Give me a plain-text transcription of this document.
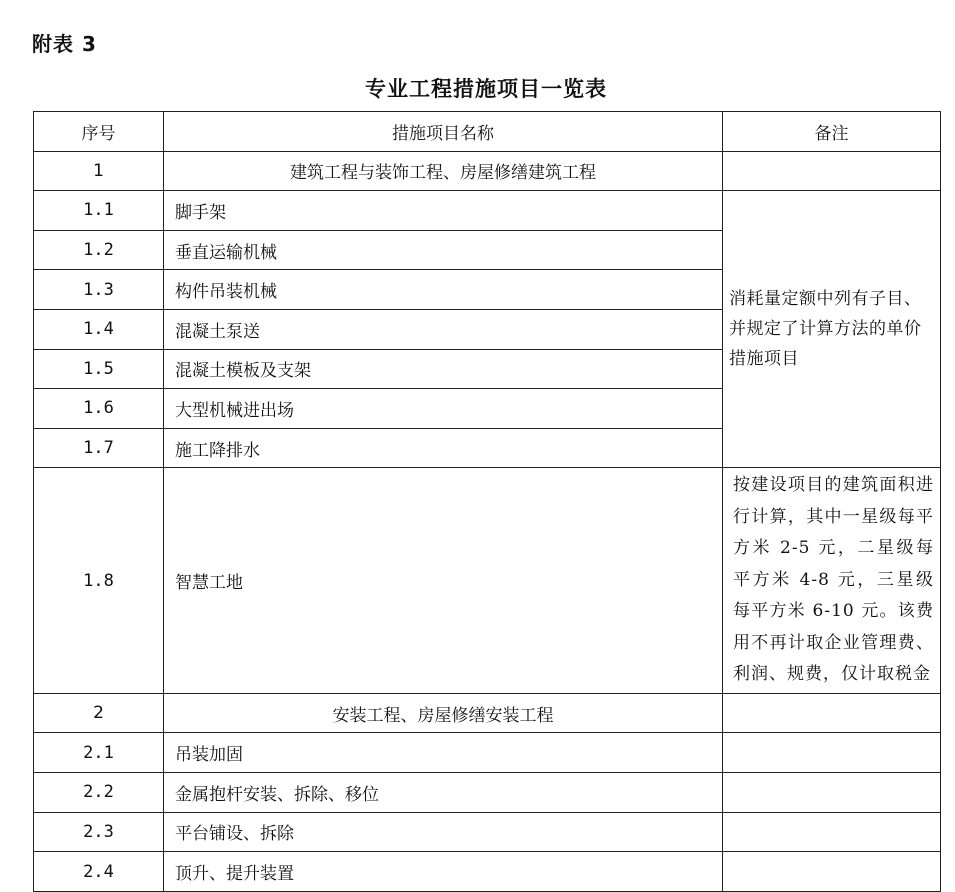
附表 3
专业工程措施项目一览表
序号	措施项目名称	备注
1	建筑工程与装饰工程、房屋修缮建筑工程	
1.1	脚手架	消耗量定额中列有子目、并规定了计算方法的单价措施项目
1.2	垂直运输机械	
1.3	构件吊装机械	
1.4	混凝土泵送	
1.5	混凝土模板及支架	
1.6	大型机械进出场	
1.7	施工降排水	
1.8	智慧工地	按建设项目的建筑面积进行计算，其中一星级每平方米 2-5 元，二星级每平方米 4-8 元，三星级每平方米 6-10 元。该费用不再计取企业管理费、利润、规费，仅计取税金
2	安装工程、房屋修缮安装工程	
2.1	吊装加固	
2.2	金属抱杆安装、拆除、移位	
2.3	平台铺设、拆除	
2.4	顶升、提升装置	
